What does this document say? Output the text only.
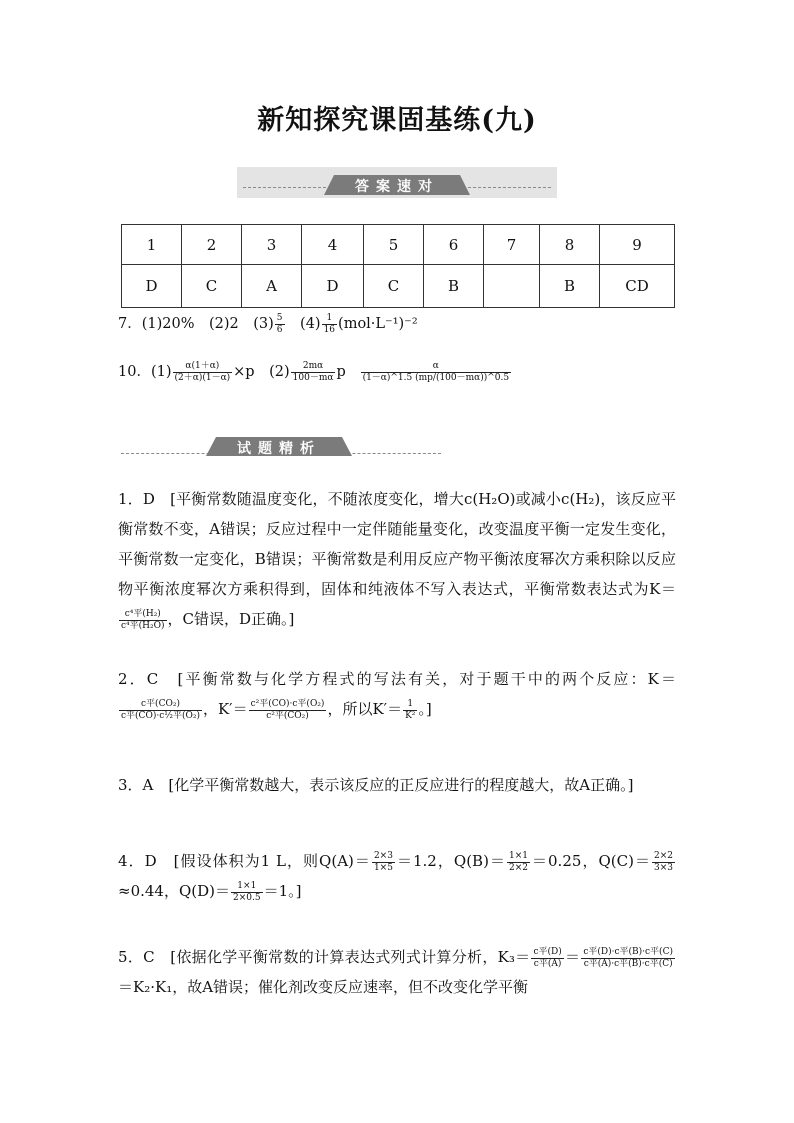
新知探究课固基练(九)
答案速对
1	2	3	4	5	6	7	8	9
D	C	A	D	C	B		B	CD
7．(1)20%　(2)2　$(3) \frac{5}{6}$ 　$(4) \frac{1}{16} (mol\cdot L^{-1})^{-2}$
10．$(1) \frac{\alpha(1+\alpha)}{(2+\alpha)(1-\alpha)} \times p$　$(2) \frac{2m\alpha}{100-m\alpha}$ p $\frac{\alpha}{(1-\alpha)\^{}1.5 (mp/(100-m\alpha))\^{}0.5}$
试题精析

1．D　[平衡常数随温度变化，不随浓度变化，增大c(H₂O)或减小c(H₂)，该反应平衡常数不变，A错误；反应过程中一定伴随能量变化，改变温度平衡一定发生变化，平衡常数一定变化，B错误；平衡常数是利用反应产物平衡浓度幂次方乘积除以反应物平衡浓度幂次方乘积得到，固体和纯液体不写入表达式，平衡常数表达式为K＝
$\frac{\text{c⁴平(H₂)}}{\text{c⁴平(H₂O)}}$ ，C错误，D正确。]

2．C　[平衡常数与化学方程式的写法有关，对于题干中的两个反应：K＝
$\frac{\text{c平(CO₂)}}{\text{c平(CO)·c½平(O₂)}}$ ，$K'= \frac{\text{c²平(CO)·c平(O₂)}}{\text{c²平(CO₂)}}$ ，所以$K'= \frac{1}{\text{K²}}$ 。]

3．A　[化学平衡常数越大，表示该反应的正反应进行的程度越大，故A正确。]

4．D　[假设体积为1 L，则$Q(A)= \frac{2\times 3}{1\times 5} =1.2$，$Q(B)= \frac{1\times 1}{2\times 2} =0.25$，$Q(C)= \frac{2\times 2}{3\times 3}$
≈0.44，$Q(D)= \frac{1\times 1}{2\times 0.5} =1$。]

5．C　[依据化学平衡常数的计算表达式列式计算分析，$K_3= \frac{\text{c平(D)}}{\text{c平(A)}} = \frac{\text{c平(D)·c平(B)·c平(C)}}{\text{c平(A)·c平(B)·c平(C)}}$
＝K₂·K₁，故A错误；催化剂改变反应速率，但不改变化学平衡
